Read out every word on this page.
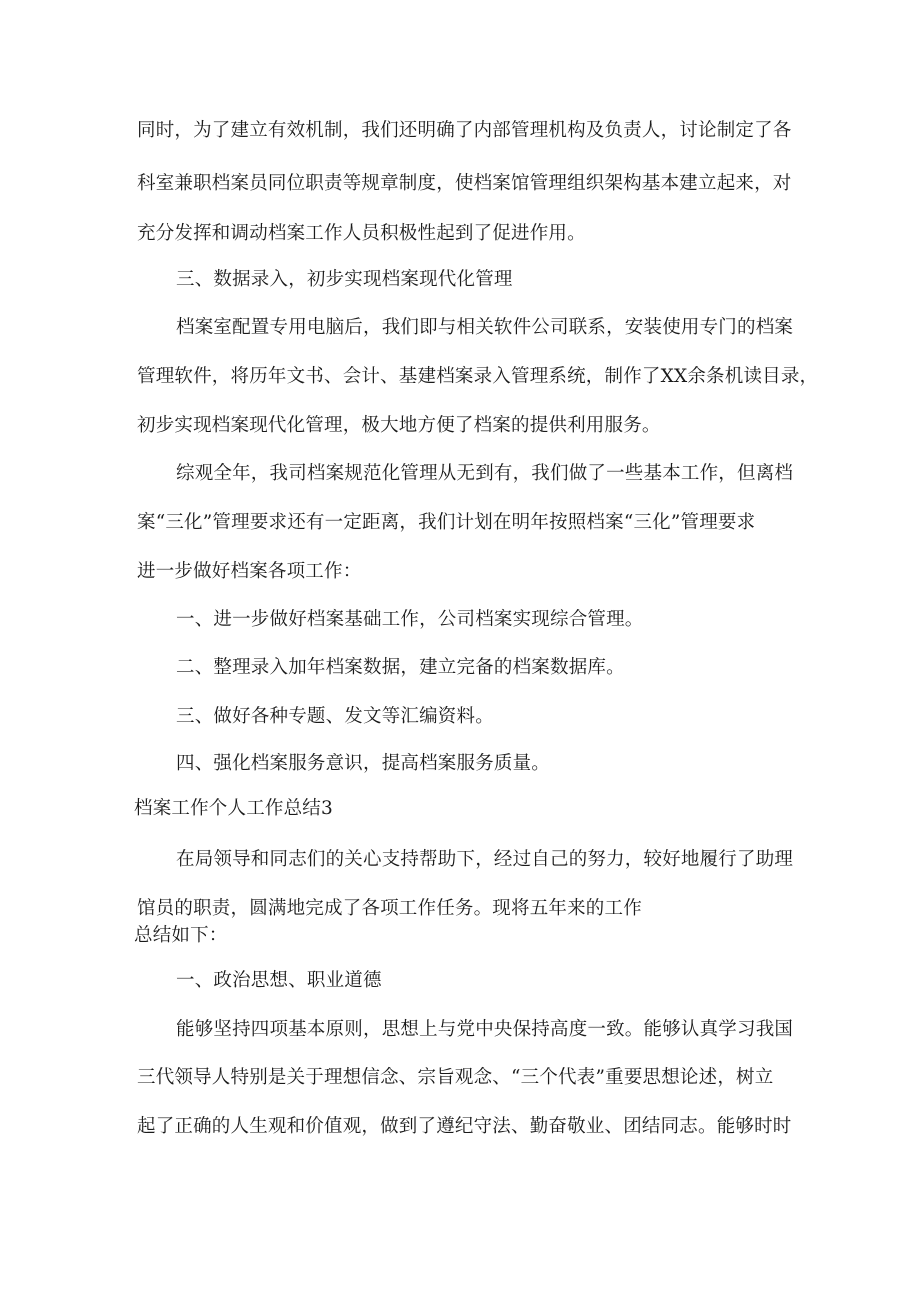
同时，为了建立有效机制，我们还明确了内部管理机构及负责人，讨论制定了各
科室兼职档案员同位职责等规章制度，使档案馆管理组织架构基本建立起来，对
充分发挥和调动档案工作人员积极性起到了促进作用。
三、数据录入，初步实现档案现代化管理
档案室配置专用电脑后，我们即与相关软件公司联系，安装使用专门的档案
管理软件，将历年文书、会计、基建档案录入管理系统，制作了XX余条机读目录，
初步实现档案现代化管理，极大地方便了档案的提供利用服务。
综观全年，我司档案规范化管理从无到有，我们做了一些基本工作，但离档
案“三化”管理要求还有一定距离，我们计划在明年按照档案“三化”管理要求
进一步做好档案各项工作：
一、进一步做好档案基础工作，公司档案实现综合管理。
二、整理录入加年档案数据，建立完备的档案数据库。
三、做好各种专题、发文等汇编资料。
四、强化档案服务意识，提高档案服务质量。
档案工作个人工作总结3
在局领导和同志们的关心支持帮助下，经过自己的努力，较好地履行了助理
馆员的职责，圆满地完成了各项工作任务。现将五年来的工作
总结如下：
一、政治思想、职业道德
能够坚持四项基本原则，思想上与党中央保持高度一致。能够认真学习我国
三代领导人特别是关于理想信念、宗旨观念、“三个代表”重要思想论述，树立
起了正确的人生观和价值观，做到了遵纪守法、勤奋敬业、团结同志。能够时时
